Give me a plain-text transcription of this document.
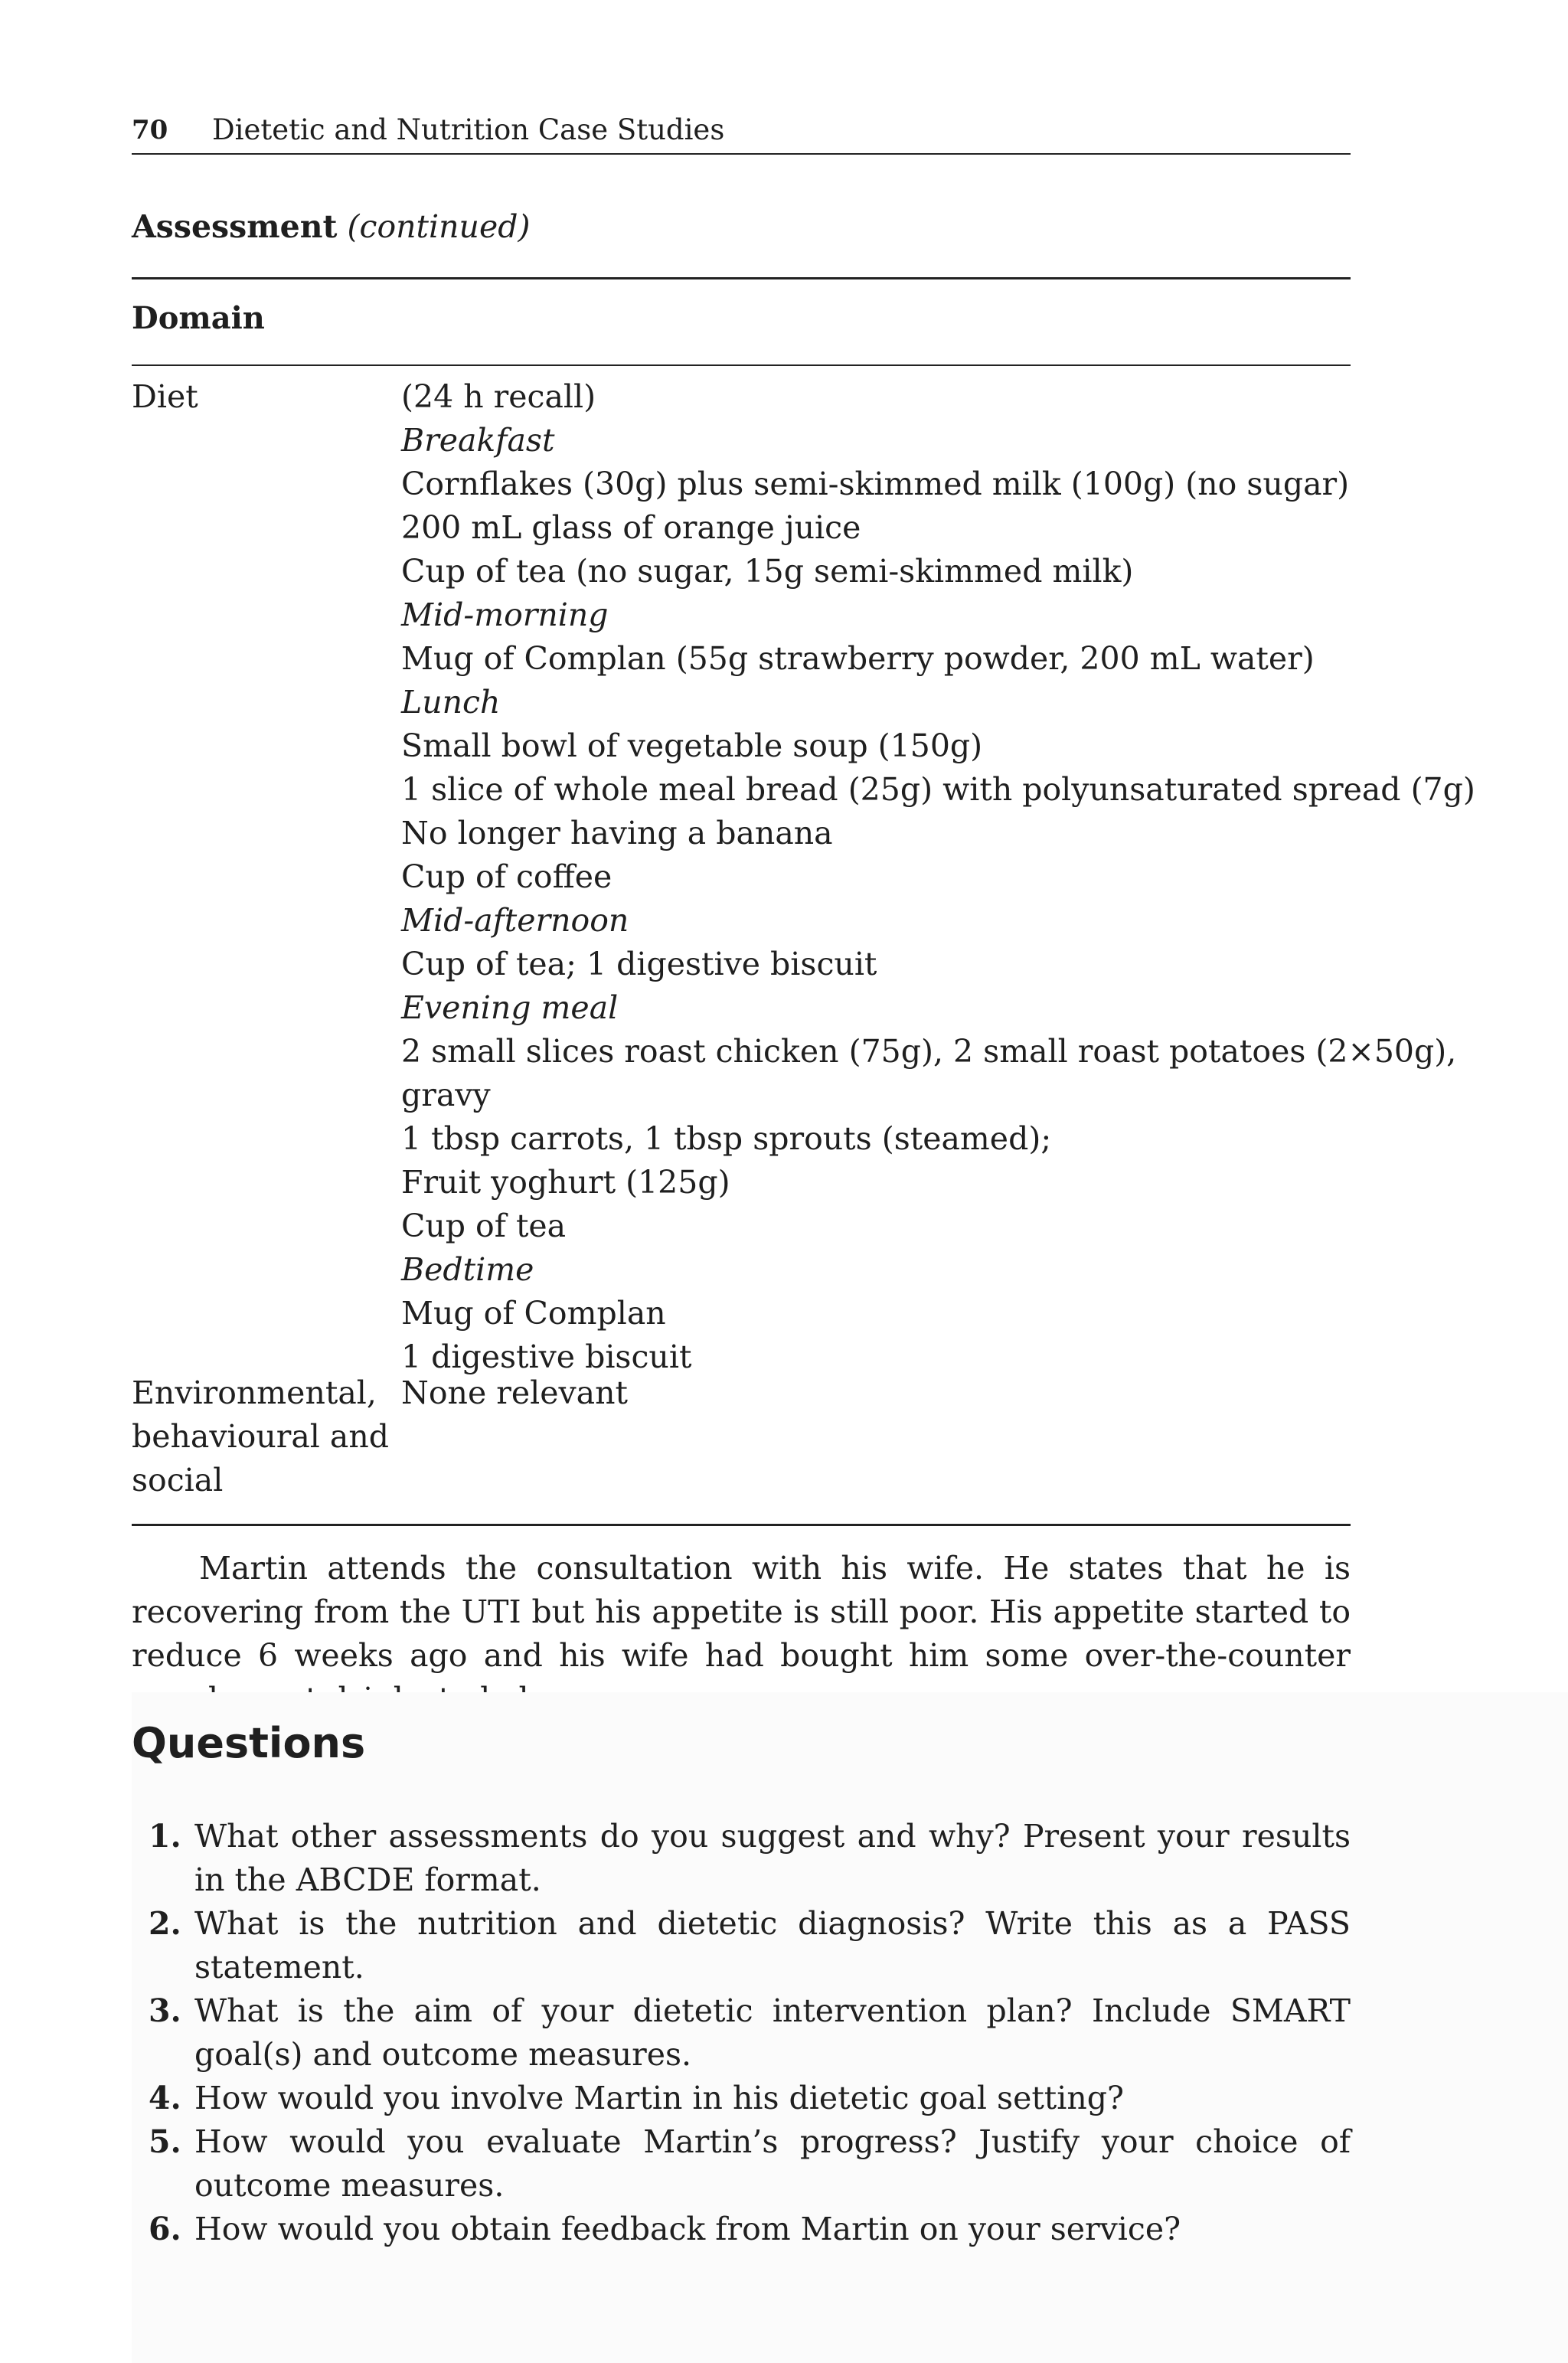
70 Dietetic and Nutrition Case Studies
Assessment (continued)
Domain
Diet	(24 h recall)
Breakfast
Cornflakes (30g) plus semi-skimmed milk (100g) (no sugar)
200 mL glass of orange juice
Cup of tea (no sugar, 15g semi-skimmed milk)
Mid-morning
Mug of Complan (55g strawberry powder, 200 mL water)
Lunch
Small bowl of vegetable soup (150g)
1 slice of whole meal bread (25g) with polyunsaturated spread (7g)
No longer having a banana
Cup of coffee
Mid-afternoon
Cup of tea; 1 digestive biscuit
Evening meal
2 small slices roast chicken (75g), 2 small roast potatoes (2×50g),
gravy
1 tbsp carrots, 1 tbsp sprouts (steamed);
Fruit yoghurt (125g)
Cup of tea
Bedtime
Mug of Complan
1 digestive biscuit
Environmental,
behavioural and
social
None relevant

Martin attends the consultation with his wife. He states that he is recovering from the UTI but his appetite is still poor. His appetite started to reduce 6 weeks ago and his wife had bought him some over-the-counter

Questions
1. What other assessments do you suggest and why? Present your results in the ABCDE format.
2. What is the nutrition and dietetic diagnosis? Write this as a PASS statement.
3. What is the aim of your dietetic intervention plan? Include SMART goal(s) and outcome measures.
4. How would you involve Martin in his dietetic goal setting?
5. How would you evaluate Martin’s progress? Justify your choice of outcome measures.
6. How would you obtain feedback from Martin on your service?
